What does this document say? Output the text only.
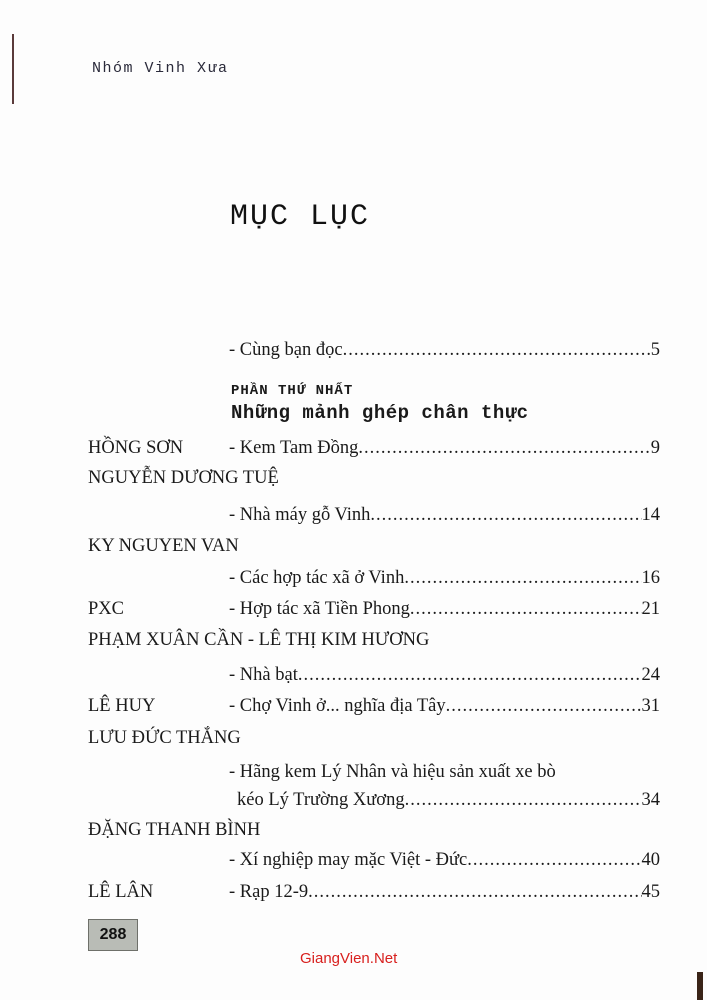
Nhóm Vinh Xưa
MỤC LỤC
- Cùng bạn đọc .....	5
PHẦN THỨ NHẤT
Những mảnh ghép chân thực
HỒNG SƠN - Kem Tam Đồng .....	9
NGUYỄN DƯƠNG TUỆ
- Nhà máy gỗ Vinh .....	14
KY NGUYEN VAN
- Các hợp tác xã ở Vinh .....	16
PXC	- Hợp tác xã Tiền Phong .....	21
PHẠM XUÂN CẦN - LÊ THỊ KIM HƯƠNG
- Nhà bạt .....	24
LÊ HUY	- Chợ Vinh ở... nghĩa địa Tây .....	31
LƯU ĐỨC THẮNG
- Hãng kem Lý Nhân và hiệu sản xuất xe bò
kéo Lý Trường Xương .....	34
ĐẶNG THANH BÌNH
- Xí nghiệp may mặc Việt - Đức .....	40
LÊ LÂN	- Rạp 12-9 .....	45
288
GiangVien.Net
